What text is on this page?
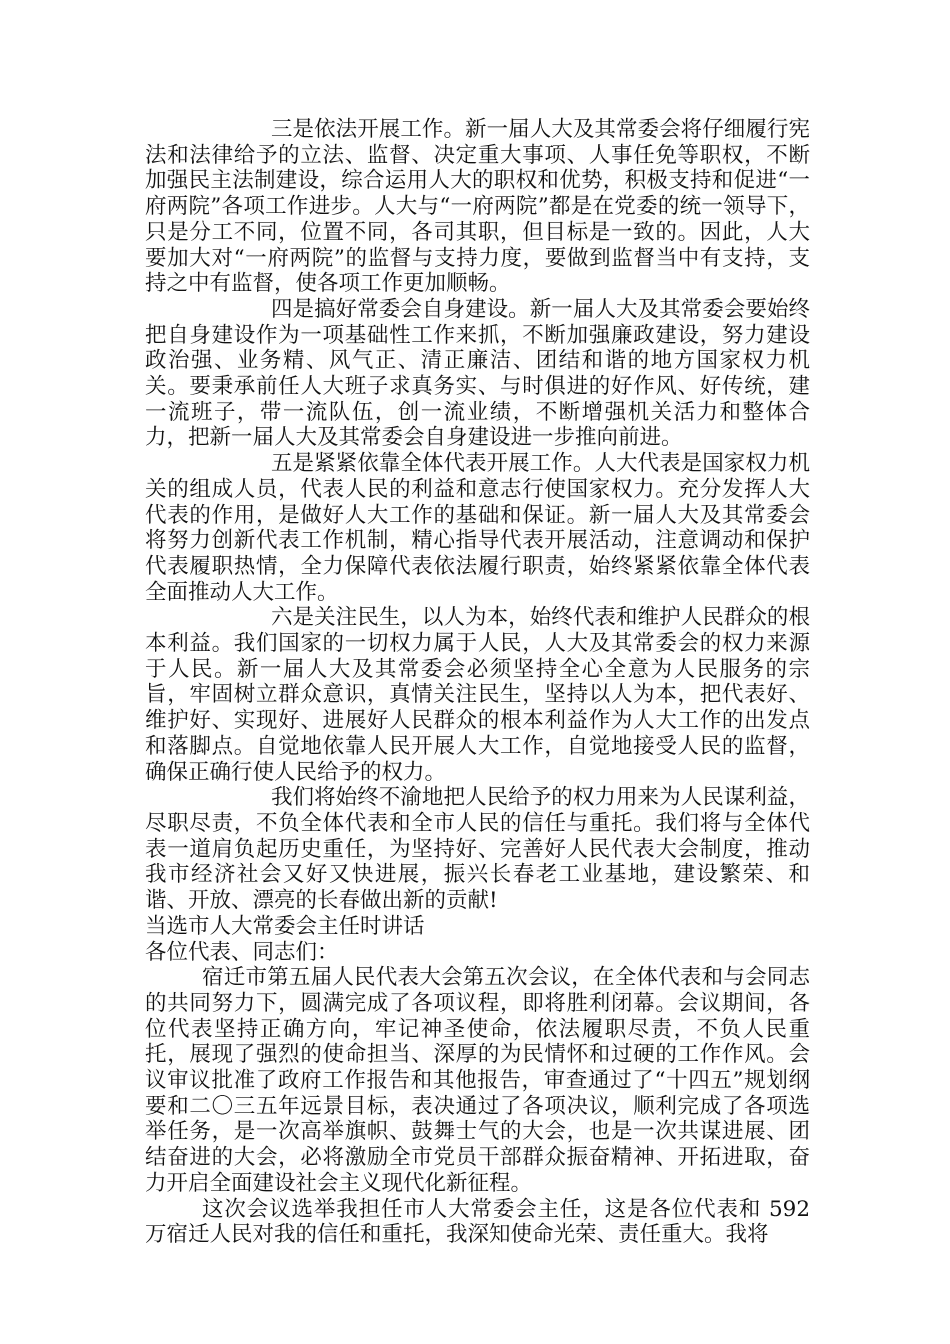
三是依法开展工作。新一届人大及其常委会将仔细履行宪法和法律给予的立法、监督、决定重大事项、人事任免等职权，不断加强民主法制建设，综合运用人大的职权和优势，积极支持和促进“一府两院”各项工作进步。人大与“一府两院”都是在党委的统一领导下，只是分工不同，位置不同，各司其职，但目标是一致的。因此，人大要加大对“一府两院”的监督与支持力度，要做到监督当中有支持，支持之中有监督，使各项工作更加顺畅。

四是搞好常委会自身建设。新一届人大及其常委会要始终把自身建设作为一项基础性工作来抓，不断加强廉政建设，努力建设政治强、业务精、风气正、清正廉洁、团结和谐的地方国家权力机关。要秉承前任人大班子求真务实、与时俱进的好作风、好传统，建一流班子，带一流队伍，创一流业绩，不断增强机关活力和整体合力，把新一届人大及其常委会自身建设进一步推向前进。

五是紧紧依靠全体代表开展工作。人大代表是国家权力机关的组成人员，代表人民的利益和意志行使国家权力。充分发挥人大代表的作用，是做好人大工作的基础和保证。新一届人大及其常委会将努力创新代表工作机制，精心指导代表开展活动，注意调动和保护代表履职热情，全力保障代表依法履行职责，始终紧紧依靠全体代表全面推动人大工作。

六是关注民生，以人为本，始终代表和维护人民群众的根本利益。我们国家的一切权力属于人民，人大及其常委会的权力来源于人民。新一届人大及其常委会必须坚持全心全意为人民服务的宗旨，牢固树立群众意识，真情关注民生，坚持以人为本，把代表好、维护好、实现好、进展好人民群众的根本利益作为人大工作的出发点和落脚点。自觉地依靠人民开展人大工作，自觉地接受人民的监督，确保正确行使人民给予的权力。

我们将始终不渝地把人民给予的权力用来为人民谋利益，尽职尽责，不负全体代表和全市人民的信任与重托。我们将与全体代表一道肩负起历史重任，为坚持好、完善好人民代表大会制度，推动我市经济社会又好又快进展，振兴长春老工业基地，建设繁荣、和谐、开放、漂亮的长春做出新的贡献!

当选市人大常委会主任时讲话

各位代表、同志们：

宿迁市第五届人民代表大会第五次会议，在全体代表和与会同志的共同努力下，圆满完成了各项议程，即将胜利闭幕。会议期间，各位代表坚持正确方向，牢记神圣使命，依法履职尽责，不负人民重托，展现了强烈的使命担当、深厚的为民情怀和过硬的工作作风。会议审议批准了政府工作报告和其他报告，审查通过了“十四五”规划纲要和二〇三五年远景目标，表决通过了各项决议，顺利完成了各项选举任务，是一次高举旗帜、鼓舞士气的大会，也是一次共谋进展、团结奋进的大会，必将激励全市党员干部群众振奋精神、开拓进取，奋力开启全面建设社会主义现代化新征程。

这次会议选举我担任市人大常委会主任，这是各位代表和 592 万宿迁人民对我的信任和重托，我深知使命光荣、责任重大。我将
